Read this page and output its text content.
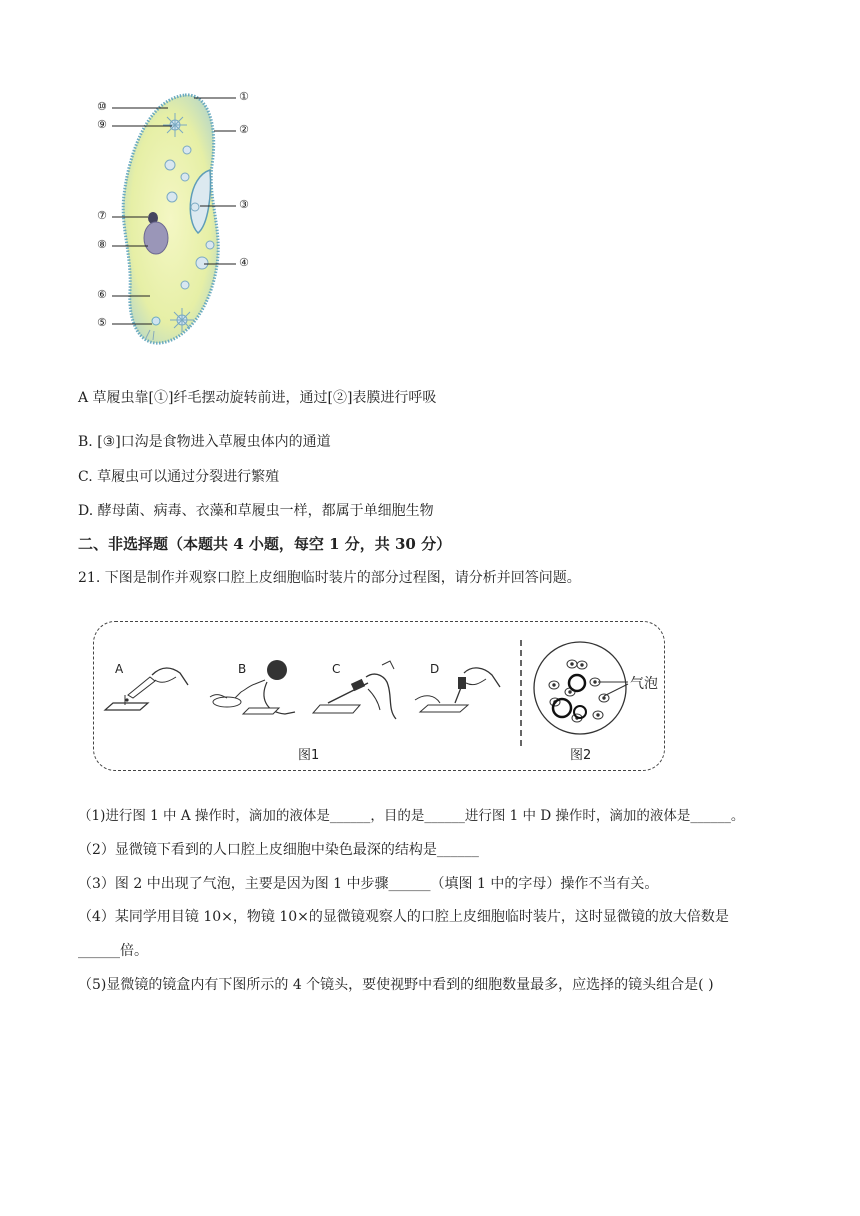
⑩
⑨
⑦
⑧
⑥
⑤
①
②
③
④
A 草履虫靠[①]纤毛摆动旋转前进，通过[②]表膜进行呼吸
B. [③]口沟是食物进入草履虫体内的通道
C. 草履虫可以通过分裂进行繁殖
D. 酵母菌、病毒、衣藻和草履虫一样，都属于单细胞生物
二、非选择题（本题共 4 小题，每空 1 分，共 30 分）
21. 下图是制作并观察口腔上皮细胞临时装片的部分过程图，请分析并回答问题。
A	B	C	D
图1
气泡
图2
（1)进行图 1 中 A 操作时，滴加的液体是______，目的是______进行图 1 中 D 操作时，滴加的液体是______。
（2）显微镜下看到的人口腔上皮细胞中染色最深的结构是______
（3）图 2 中出现了气泡，主要是因为图 1 中步骤______（填图 1 中的字母）操作不当有关。
（4）某同学用目镜 10×，物镜 10×的显微镜观察人的口腔上皮细胞临时装片，这时显微镜的放大倍数是
______倍。
（5)显微镜的镜盒内有下图所示的 4 个镜头，要使视野中看到的细胞数量最多，应选择的镜头组合是( )
